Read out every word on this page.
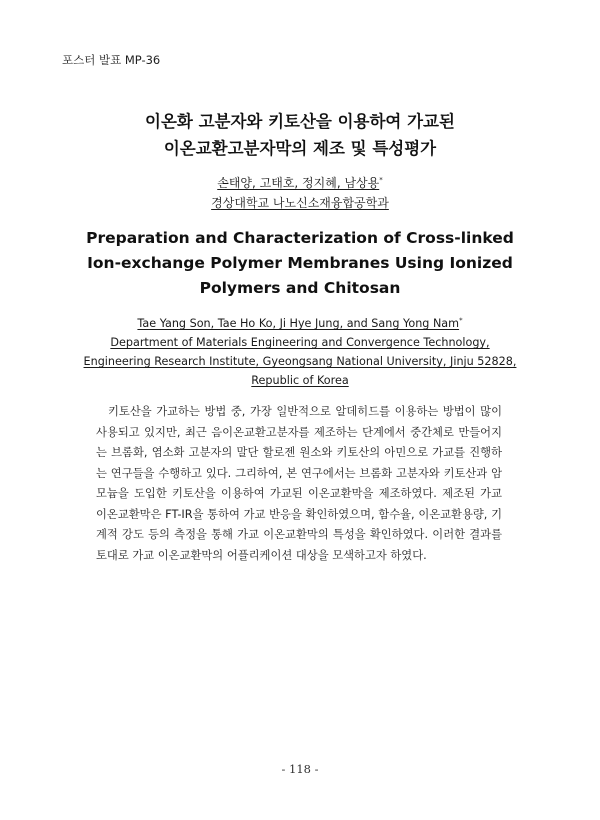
포스터 발표 MP-36
이온화 고분자와 키토산을 이용하여 가교된
이온교환고분자막의 제조 및 특성평가
손태양, 고태호, 정지혜, 남상용*
경상대학교 나노신소재융합공학과
Preparation and Characterization of Cross-linked
Ion-exchange Polymer Membranes Using Ionized
Polymers and Chitosan
Tae Yang Son, Tae Ho Ko, Ji Hye Jung, and Sang Yong Nam*
Department of Materials Engineering and Convergence Technology,
Engineering Research Institute, Gyeongsang National University, Jinju 52828,
Republic of Korea

키토산을 가교하는 방법 중, 가장 일반적으로 알데히드를 이용하는 방법이 많이 사용되고 있지만, 최근 음이온교환고분자를 제조하는 단계에서 중간체로 만들어지는 브롬화, 염소화 고분자의 말단 할로젠 원소와 키토산의 아민으로 가교를 진행하는 연구들을 수행하고 있다. 그리하여, 본 연구에서는 브롬화 고분자와 키토산과 암모늄을 도입한 키토산을 이용하여 가교된 이온교환막을 제조하였다. 제조된 가교 이온교환막은 FT-IR을 통하여 가교 반응을 확인하였으며, 함수율, 이온교환용량, 기계적 강도 등의 측정을 통해 가교 이온교환막의 특성을 확인하였다. 이러한 결과를 토대로 가교 이온교환막의 어플리케이션 대상을 모색하고자 하였다.

- 118 -
